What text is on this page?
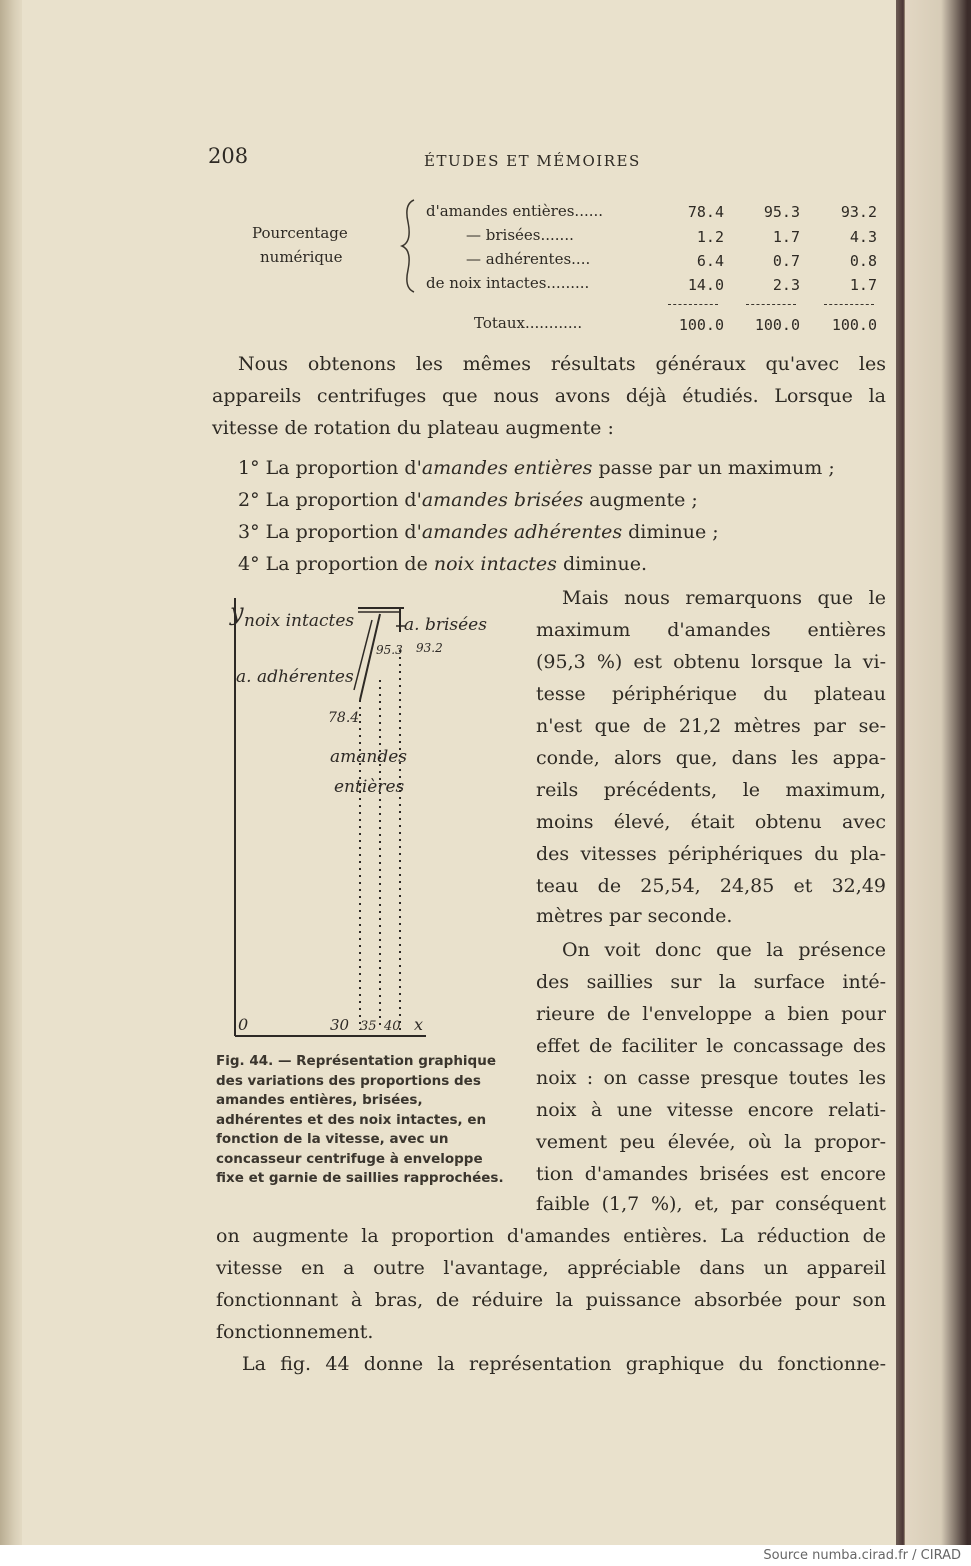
208	ÉTUDES ET MÉMOIRES
Pourcentage
numérique
d'amandes entières......	78.4	95.3	93.2
— brisées.......	1.2	1.7	4.3
— adhérentes....	6.4	0.7	0.8
de noix intactes.........	14.0	2.3	1.7
Totaux............	100.0	100.0	100.0
Nous obtenons les mêmes résultats généraux qu'avec les
appareils centrifuges que nous avons déjà étudiés. Lorsque la
vitesse de rotation du plateau augmente :
1° La proportion d'amandes entières passe par un maximum ;
2° La proportion d'amandes brisées augmente ;
3° La proportion d'amandes adhérentes diminue ;
4° La proportion de noix intactes diminue.
Mais nous remarquons que le
maximum d'amandes entières
(95,3 %) est obtenu lorsque la vi-
tesse périphérique du plateau
n'est que de 21,2 mètres par se-
conde, alors que, dans les appa-
reils précédents, le maximum,
moins élevé, était obtenu avec
des vitesses périphériques du pla-
teau de 25,54, 24,85 et 32,49
mètres par seconde.
On voit donc que la présence
des saillies sur la surface inté-
rieure de l'enveloppe a bien pour
effet de faciliter le concassage des
noix : on casse presque toutes les
noix à une vitesse encore relati-
vement peu élevée, où la propor-
tion d'amandes brisées est encore
faible (1,7 %), et, par conséquent
y
x
0
noix intactes	a. brisées
a. adhérentes
95.3 93.2
78.4
amandes
entières
30 35 40
Fig. 44. — Représentation graphique des variations des proportions des amandes entières, brisées, adhérentes et des noix intactes, en fonction de la vitesse, avec un concasseur centrifuge à enveloppe fixe et garnie de saillies rapprochées.
on augmente la proportion d'amandes entières. La réduction de
vitesse en a outre l'avantage, appréciable dans un appareil
fonctionnant à bras, de réduire la puissance absorbée pour son
fonctionnement.
La fig. 44 donne la représentation graphique du fonctionne-
Source numba.cirad.fr / CIRAD
